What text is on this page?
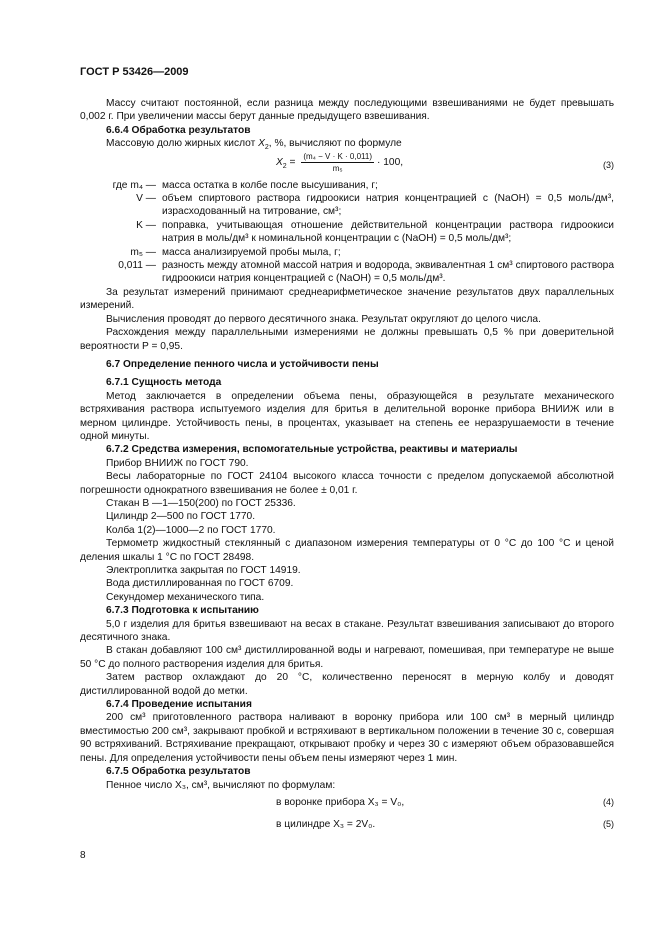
ГОСТ Р 53426—2009

Массу считают постоянной, если разница между последующими взвешиваниями не будет превышать 0,002 г. При увеличении массы берут данные предыдущего взвешивания.

6.6.4 Обработка результатов

Массовую долю жирных кислот $X_2$, %, вычисляют по формуле

$X_2 = \frac{\text{(m₄ − V · K · 0,011)}}{\text{m₅}} \cdot 100$,	(3)
где m₄ — масса остатка в колбе после высушивания, г;
V — объем спиртового раствора гидроокиси натрия концентрацией c (NaOH) = 0,5 моль/дм³, израсходованный на титрование, см³;
K — поправка, учитывающая отношение действительной концентрации раствора гидроокиси натрия в моль/дм³ к номинальной концентрации c (NaOH) = 0,5 моль/дм³;
m₅ — масса анализируемой пробы мыла, г;
0,011 — разность между атомной массой натрия и водорода, эквивалентная 1 см³ спиртового раствора гидроокиси натрия концентрацией c (NaOH) = 0,5 моль/дм³.

За результат измерений принимают среднеарифметическое значение результатов двух параллельных измерений.

Вычисления проводят до первого десятичного знака. Результат округляют до целого числа.

Расхождения между параллельными измерениями не должны превышать 0,5 % при доверительной вероятности P = 0,95.

6.7 Определение пенного числа и устойчивости пены

6.7.1 Сущность метода

Метод заключается в определении объема пены, образующейся в результате механического встряхивания раствора испытуемого изделия для бритья в делительной воронке прибора ВНИИЖ или в мерном цилиндре. Устойчивость пены, в процентах, указывает на степень ее неразрушаемости в течение одной минуты.

6.7.2 Средства измерения, вспомогательные устройства, реактивы и материалы

Прибор ВНИИЖ по ГОСТ 790.

Весы лабораторные по ГОСТ 24104 высокого класса точности с пределом допускаемой абсолютной погрешности однократного взвешивания не более ± 0,01 г.

Стакан В —1—150(200) по ГОСТ 25336.

Цилиндр 2—500 по ГОСТ 1770.

Колба 1(2)—1000—2 по ГОСТ 1770.

Термометр жидкостный стеклянный с диапазоном измерения температуры от 0 °С до 100 °С и ценой деления шкалы 1 °С по ГОСТ 28498.

Электроплитка закрытая по ГОСТ 14919.

Вода дистиллированная по ГОСТ 6709.

Секундомер механического типа.

6.7.3 Подготовка к испытанию

5,0 г изделия для бритья взвешивают на весах в стакане. Результат взвешивания записывают до второго десятичного знака.

В стакан добавляют 100 см³ дистиллированной воды и нагревают, помешивая, при температуре не выше 50 °С до полного растворения изделия для бритья.

Затем раствор охлаждают до 20 °С, количественно переносят в мерную колбу и доводят дистиллированной водой до метки.

6.7.4 Проведение испытания

200 см³ приготовленного раствора наливают в воронку прибора или 100 см³ в мерный цилиндр вместимостью 200 см³, закрывают пробкой и встряхивают в вертикальном положении в течение 30 с, совершая 90 встряхиваний. Встряхивание прекращают, открывают пробку и через 30 с измеряют объем образовавшейся пены. Для определения устойчивости пены объем пены измеряют через 1 мин.

6.7.5 Обработка результатов

Пенное число X₃, см³, вычисляют по формулам:

в воронке прибора X₃ = V₀,	(4)
в цилиндре X₃ = 2V₀.	(5)
8
